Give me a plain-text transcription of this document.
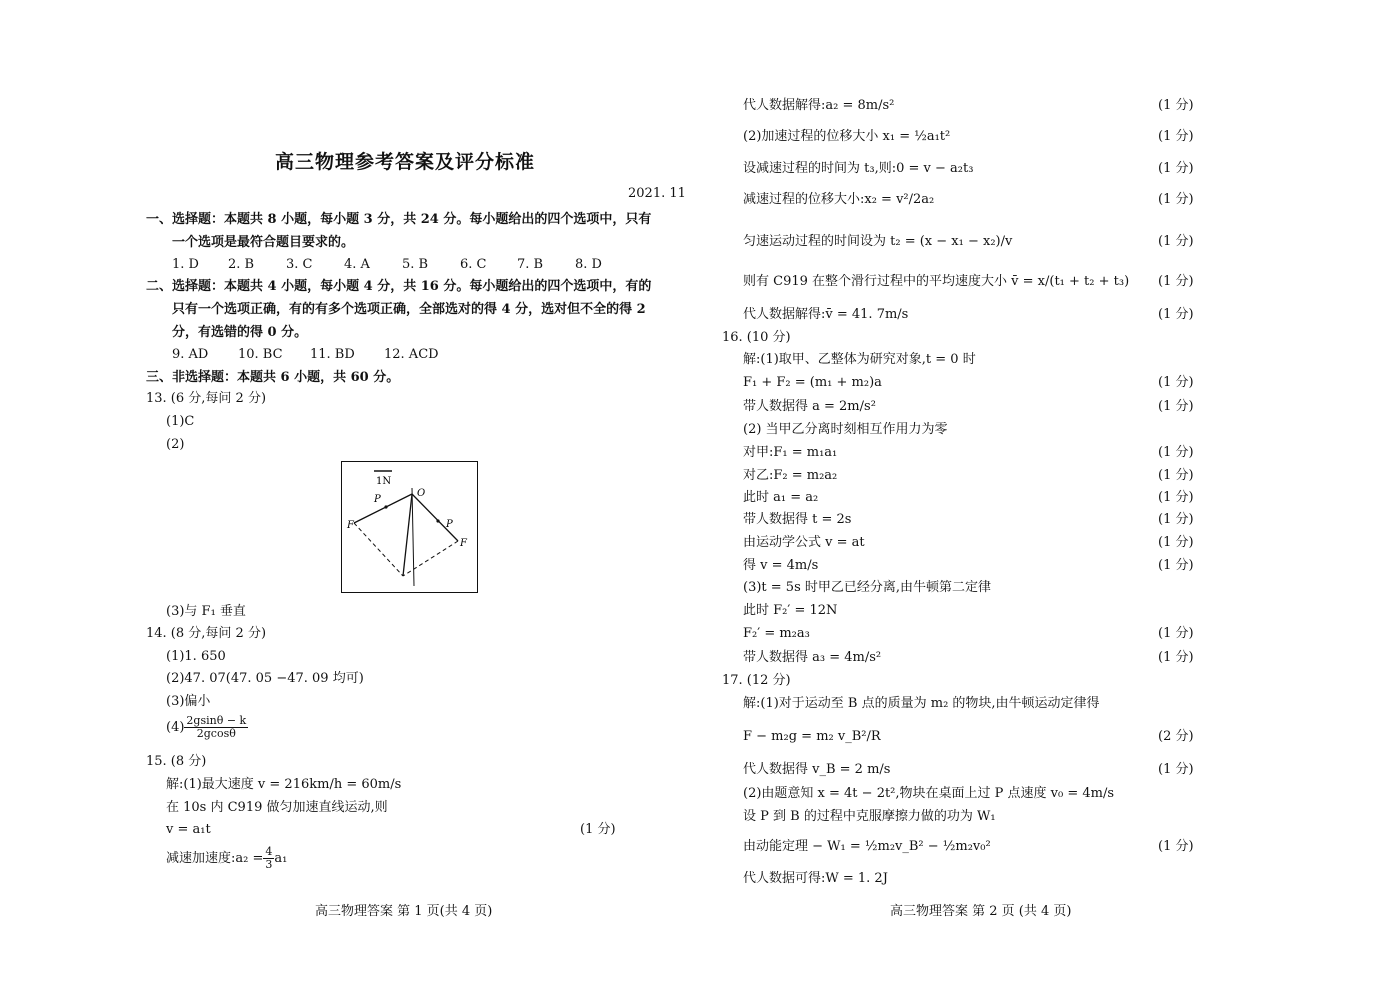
高三物理参考答案及评分标准
2021. 11
一、选择题：本题共 8 小题，每小题 3 分，共 24 分。每小题给出的四个选项中，只有
一个选项是最符合题目要求的。
1. D 2. B 3. C 4. A 5. B 6. C 7. B 8. D
二、选择题：本题共 4 小题，每小题 4 分，共 16 分。每小题给出的四个选项中，有的
只有一个选项正确，有的有多个选项正确，全部选对的得 4 分，选对但不全的得 2
分，有选错的得 0 分。
9. AD 10. BC 11. BD 12. ACD
三、非选择题：本题共 6 小题，共 60 分。
13. (6 分,每问 2 分)
(1)C
(2)
1N
O
P
P
F
F
(3)与 F₁ 垂直
14. (8 分,每问 2 分)
(1)1. 650
(2)47. 07(47. 05 −47. 09 均可)
(3)偏小
$(4) \frac{2gsin\theta - k}{2gcos\theta}$
15. (8 分)
解:(1)最大速度 v = 216km/h = 60m/s
在 10s 内 C919 做匀加速直线运动,则
v = a₁t	(1 分)
减速加速度:a₂ = $\frac{4}{3} a_1$
高三物理答案 第 1 页(共 4 页)
代人数据解得:a₂ = 8m/s²	(1 分)
(2)加速过程的位移大小 x₁ = ½a₁t²	(1 分)
设减速过程的时间为 t₃,则:0 = v − a₂t₃	(1 分)
减速过程的位移大小:x₂ = v²/2a₂	(1 分)
匀速运动过程的时间设为 t₂ = (x − x₁ − x₂)/v	(1 分)
则有 C919 在整个滑行过程中的平均速度大小 v̄ = x/(t₁ + t₂ + t₃) (1 分)
代人数据解得:v̄ = 41. 7m/s	(1 分)
16. (10 分)
解:(1)取甲、乙整体为研究对象,t = 0 时
F₁ + F₂ = (m₁ + m₂)a	(1 分)
带人数据得 a = 2m/s²	(1 分)
(2) 当甲乙分离时刻相互作用力为零
对甲:F₁ = m₁a₁	(1 分)
对乙:F₂ = m₂a₂	(1 分)
此时 a₁ = a₂	(1 分)
带人数据得 t = 2s	(1 分)
由运动学公式 v = at	(1 分)
得 v = 4m/s	(1 分)
(3)t = 5s 时甲乙已经分离,由牛顿第二定律
此时 F₂′ = 12N
F₂′ = m₂a₃	(1 分)
带人数据得 a₃ = 4m/s²	(1 分)
17. (12 分)
解:(1)对于运动至 B 点的质量为 m₂ 的物块,由牛顿运动定律得
F − m₂g = m₂ v_B²/R	(2 分)
代人数据得 v_B = 2 m/s	(1 分)
(2)由题意知 x = 4t − 2t²,物块在桌面上过 P 点速度 v₀ = 4m/s
设 P 到 B 的过程中克服摩擦力做的功为 W₁
由动能定理 − W₁ = ½m₂v_B² − ½m₂v₀²	(1 分)
代人数据可得:W = 1. 2J
高三物理答案 第 2 页 (共 4 页)
